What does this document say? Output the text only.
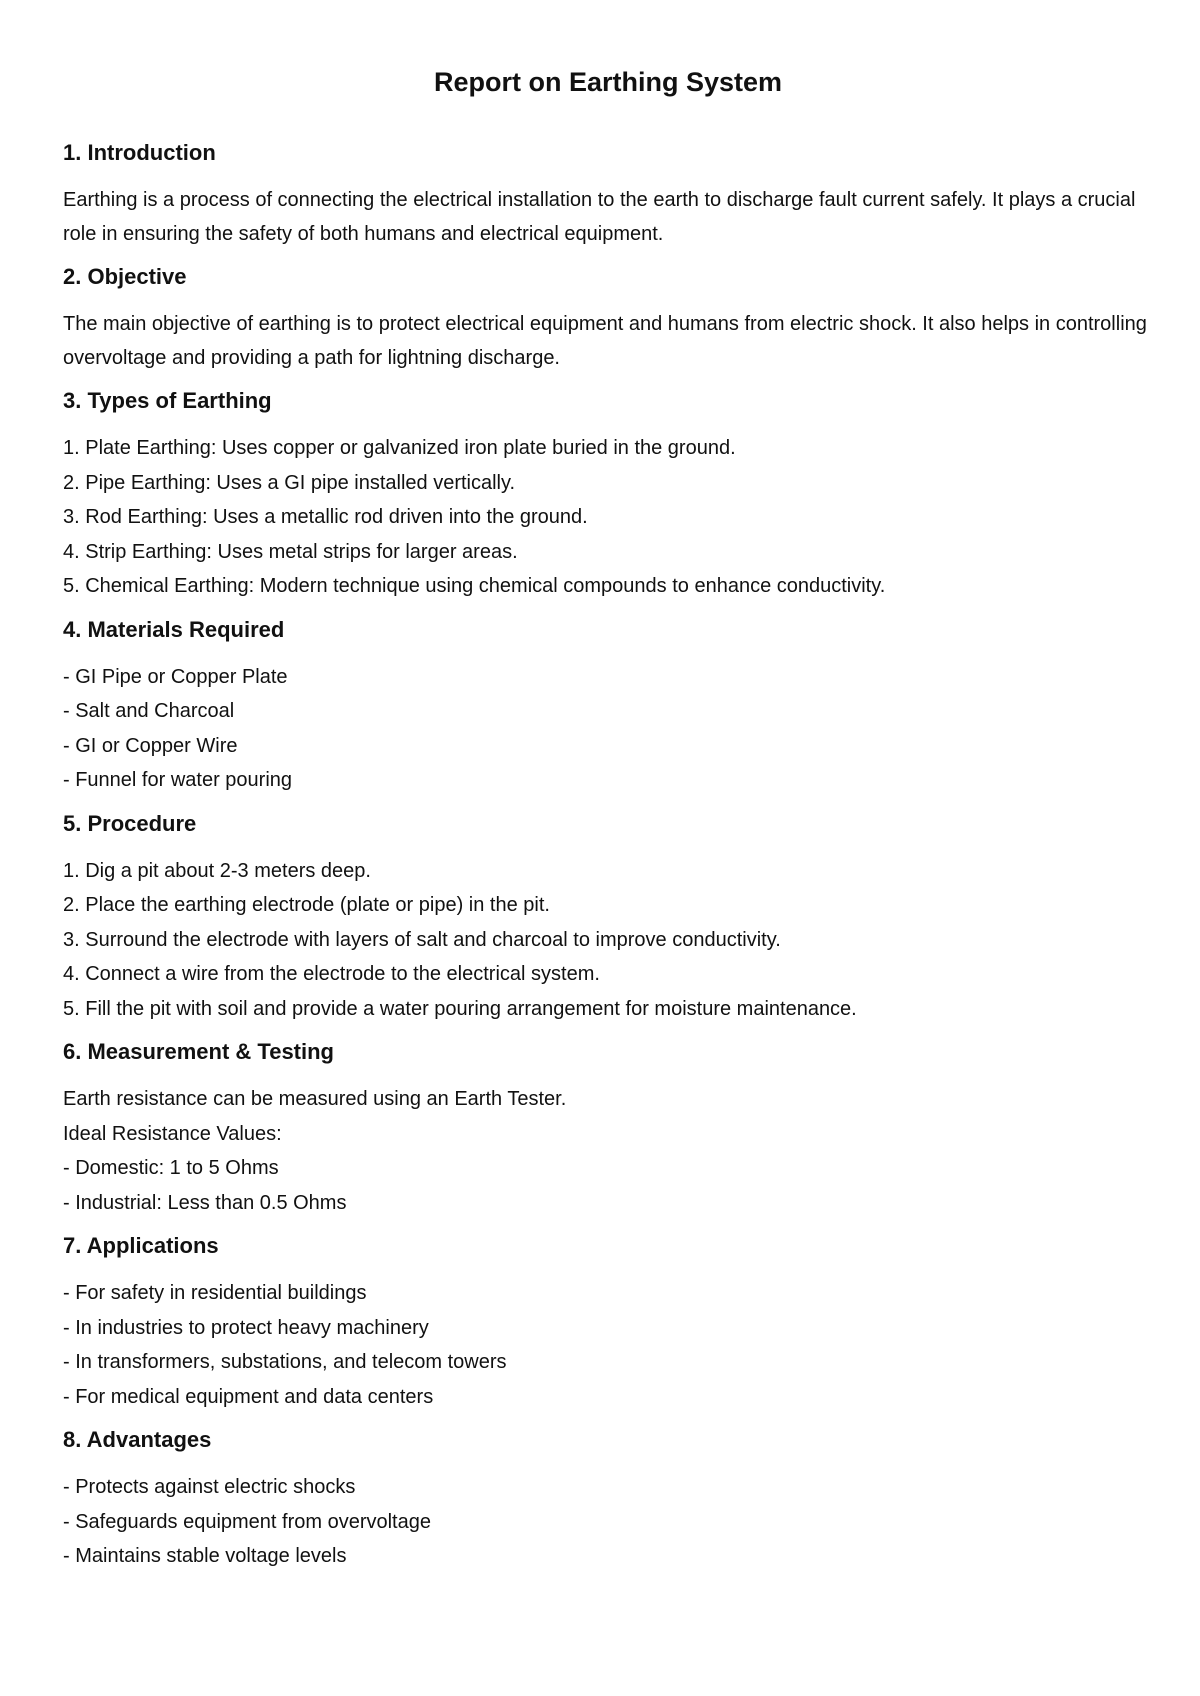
Report on Earthing System
1. Introduction
Earthing is a process of connecting the electrical installation to the earth to discharge fault current safely. It plays a crucial role in ensuring the safety of both humans and electrical equipment.
2. Objective
The main objective of earthing is to protect electrical equipment and humans from electric shock. It also helps in controlling overvoltage and providing a path for lightning discharge.
3. Types of Earthing
1. Plate Earthing: Uses copper or galvanized iron plate buried in the ground.
2. Pipe Earthing: Uses a GI pipe installed vertically.
3. Rod Earthing: Uses a metallic rod driven into the ground.
4. Strip Earthing: Uses metal strips for larger areas.
5. Chemical Earthing: Modern technique using chemical compounds to enhance conductivity.
4. Materials Required
- GI Pipe or Copper Plate
- Salt and Charcoal
- GI or Copper Wire
- Funnel for water pouring
5. Procedure
1. Dig a pit about 2-3 meters deep.
2. Place the earthing electrode (plate or pipe) in the pit.
3. Surround the electrode with layers of salt and charcoal to improve conductivity.
4. Connect a wire from the electrode to the electrical system.
5. Fill the pit with soil and provide a water pouring arrangement for moisture maintenance.
6. Measurement & Testing
Earth resistance can be measured using an Earth Tester.
Ideal Resistance Values:
- Domestic: 1 to 5 Ohms
- Industrial: Less than 0.5 Ohms
7. Applications
- For safety in residential buildings
- In industries to protect heavy machinery
- In transformers, substations, and telecom towers
- For medical equipment and data centers
8. Advantages
- Protects against electric shocks
- Safeguards equipment from overvoltage
- Maintains stable voltage levels
